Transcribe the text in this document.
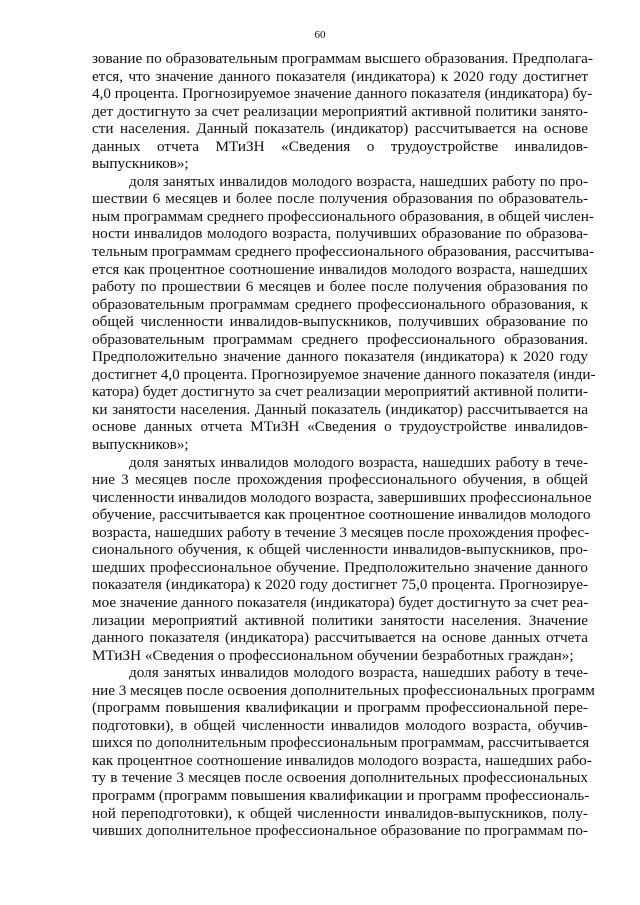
60
зование по образовательным программам высшего образования. Предполага-
ется, что значение данного показателя (индикатора) к 2020 году достигнет
4,0 процента. Прогнозируемое значение данного показателя (индикатора) бу-
дет достигнуто за счет реализации мероприятий активной политики занято-
сти населения. Данный показатель (индикатор) рассчитывается на основе
данных отчета МТиЗН «Сведения о трудоустройстве инвалидов-
выпускников»;
доля занятых инвалидов молодого возраста, нашедших работу по про-
шествии 6 месяцев и более после получения образования по образователь-
ным программам среднего профессионального образования, в общей числен-
ности инвалидов молодого возраста, получивших образование по образова-
тельным программам среднего профессионального образования, рассчитыва-
ется как процентное соотношение инвалидов молодого возраста, нашедших
работу по прошествии 6 месяцев и более после получения образования по
образовательным программам среднего профессионального образования, к
общей численности инвалидов-выпускников, получивших образование по
образовательным программам среднего профессионального образования.
Предположительно значение данного показателя (индикатора) к 2020 году
достигнет 4,0 процента. Прогнозируемое значение данного показателя (инди-
катора) будет достигнуто за счет реализации мероприятий активной полити-
ки занятости населения. Данный показатель (индикатор) рассчитывается на
основе данных отчета МТиЗН «Сведения о трудоустройстве инвалидов-
выпускников»;
доля занятых инвалидов молодого возраста, нашедших работу в тече-
ние 3 месяцев после прохождения профессионального обучения, в общей
численности инвалидов молодого возраста, завершивших профессиональное
обучение, рассчитывается как процентное соотношение инвалидов молодого
возраста, нашедших работу в течение 3 месяцев после прохождения профес-
сионального обучения, к общей численности инвалидов-выпускников, про-
шедших профессиональное обучение. Предположительно значение данного
показателя (индикатора) к 2020 году достигнет 75,0 процента. Прогнозируе-
мое значение данного показателя (индикатора) будет достигнуто за счет реа-
лизации мероприятий активной политики занятости населения. Значение
данного показателя (индикатора) рассчитывается на основе данных отчета
МТиЗН «Сведения о профессиональном обучении безработных граждан»;
доля занятых инвалидов молодого возраста, нашедших работу в тече-
ние 3 месяцев после освоения дополнительных профессиональных программ
(программ повышения квалификации и программ профессиональной пере-
подготовки), в общей численности инвалидов молодого возраста, обучив-
шихся по дополнительным профессиональным программам, рассчитывается
как процентное соотношение инвалидов молодого возраста, нашедших рабо-
ту в течение 3 месяцев после освоения дополнительных профессиональных
программ (программ повышения квалификации и программ профессиональ-
ной переподготовки), к общей численности инвалидов-выпускников, полу-
чивших дополнительное профессиональное образование по программам по-
